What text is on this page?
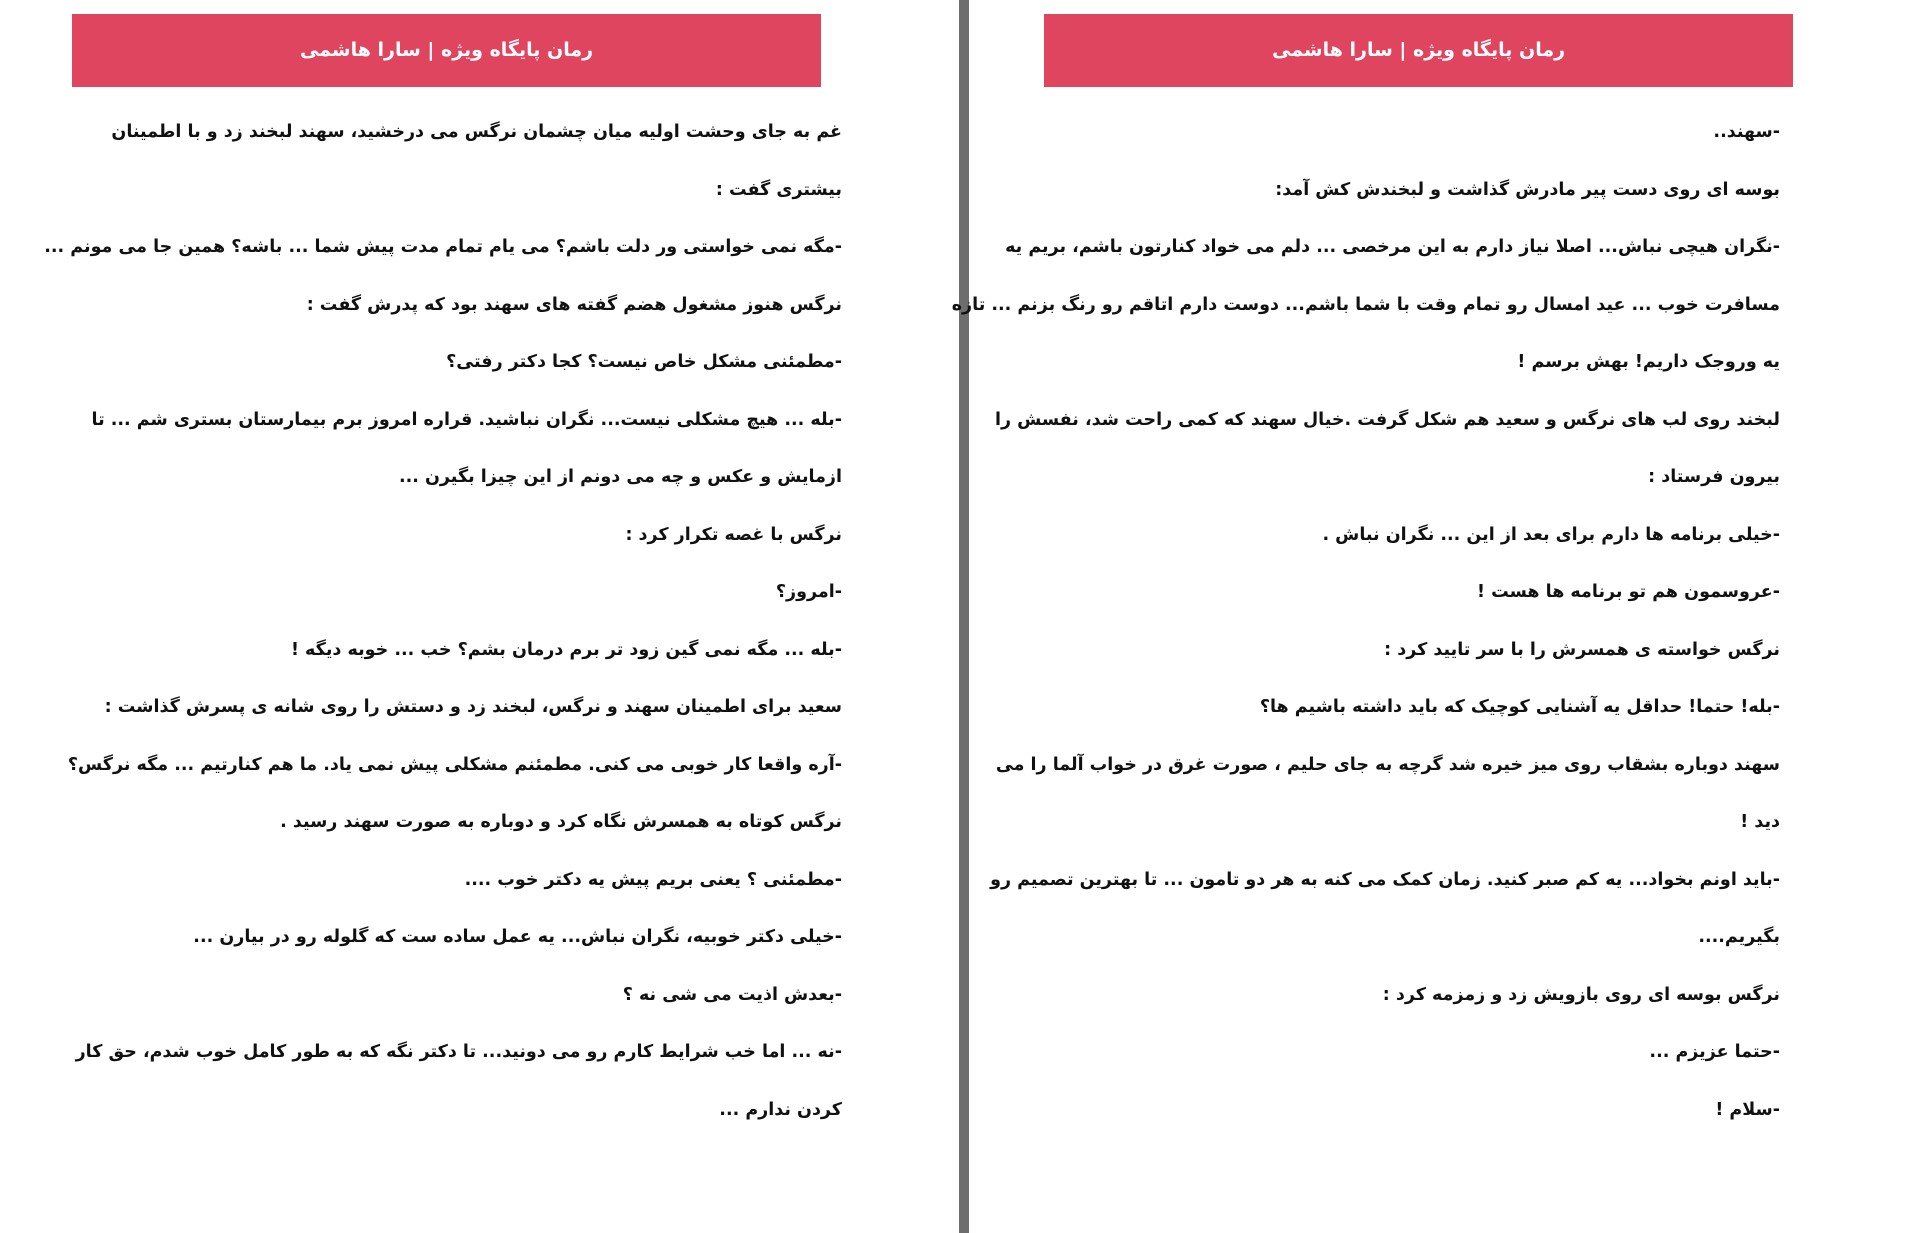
رمان پایگاه ویژه | سارا هاشمی
غم به جای وحشت اولیه میان چشمان نرگس می درخشید، سهند لبخند زد و با اطمینان
بیشتری گفت :
-مگه نمی خواستی ور دلت باشم؟ می یام تمام مدت پیش شما ... باشه؟ همین جا می مونم ...
نرگس هنوز مشغول هضم گفته های سهند بود که پدرش گفت :
-مطمئنی مشکل خاص نیست؟ کجا دکتر رفتی؟
-بله ... هیچ مشکلی نیست... نگران نباشید. قراره امروز برم بیمارستان بستری شم ... تا
ازمایش و عکس و چه می دونم از این چیزا بگیرن ...
نرگس با غصه تکرار کرد :
-امروز؟
-بله ... مگه نمی گین زود تر برم درمان بشم؟ خب ... خوبه دیگه !
سعید برای اطمینان سهند و نرگس، لبخند زد و دستش را روی شانه ی پسرش گذاشت :
-آره واقعا کار خوبی می کنی. مطمئنم مشکلی پیش نمی یاد. ما هم کنارتیم ... مگه نرگس؟
نرگس کوتاه به همسرش نگاه کرد و دوباره به صورت سهند رسید .
-مطمئنی ؟ یعنی بریم پیش یه دکتر خوب ....
-خیلی دکتر خوبیه، نگران نباش... یه عمل ساده ست که گلوله رو در بیارن ...
-بعدش اذیت می شی نه ؟
-نه ... اما خب شرایط کارم رو می دونید... تا دکتر نگه که به طور کامل خوب شدم، حق کار
کردن ندارم ...
رمان پایگاه ویژه | سارا هاشمی
-سهند..
بوسه ای روی دست پیر مادرش گذاشت و لبخندش کش آمد:
-نگران هیچی نباش... اصلا نیاز دارم به این مرخصی ... دلم می خواد کنارتون باشم، بریم یه
مسافرت خوب ... عید امسال رو تمام وقت با شما باشم... دوست دارم اتاقم رو رنگ بزنم ... تازه
یه وروجک داریم! بهش برسم !
لبخند روی لب های نرگس و سعید هم شکل گرفت .خیال سهند که کمی راحت شد، نفسش را
بیرون فرستاد :
-خیلی برنامه ها دارم برای بعد از این ... نگران نباش .
-عروسمون هم تو برنامه ها هست !
نرگس خواسته ی همسرش را با سر تایید کرد :
-بله! حتما! حداقل یه آشنایی کوچیک که باید داشته باشیم ها؟
سهند دوباره بشقاب روی میز خیره شد گرچه به جای حلیم ، صورت غرق در خواب آلما را می
دید !
-باید اونم بخواد... یه کم صبر کنید. زمان کمک می کنه به هر دو تامون ... تا بهترین تصمیم رو
بگیریم....
نرگس بوسه ای روی بازویش زد و زمزمه کرد :
-حتما عزیزم ...
-سلام !
